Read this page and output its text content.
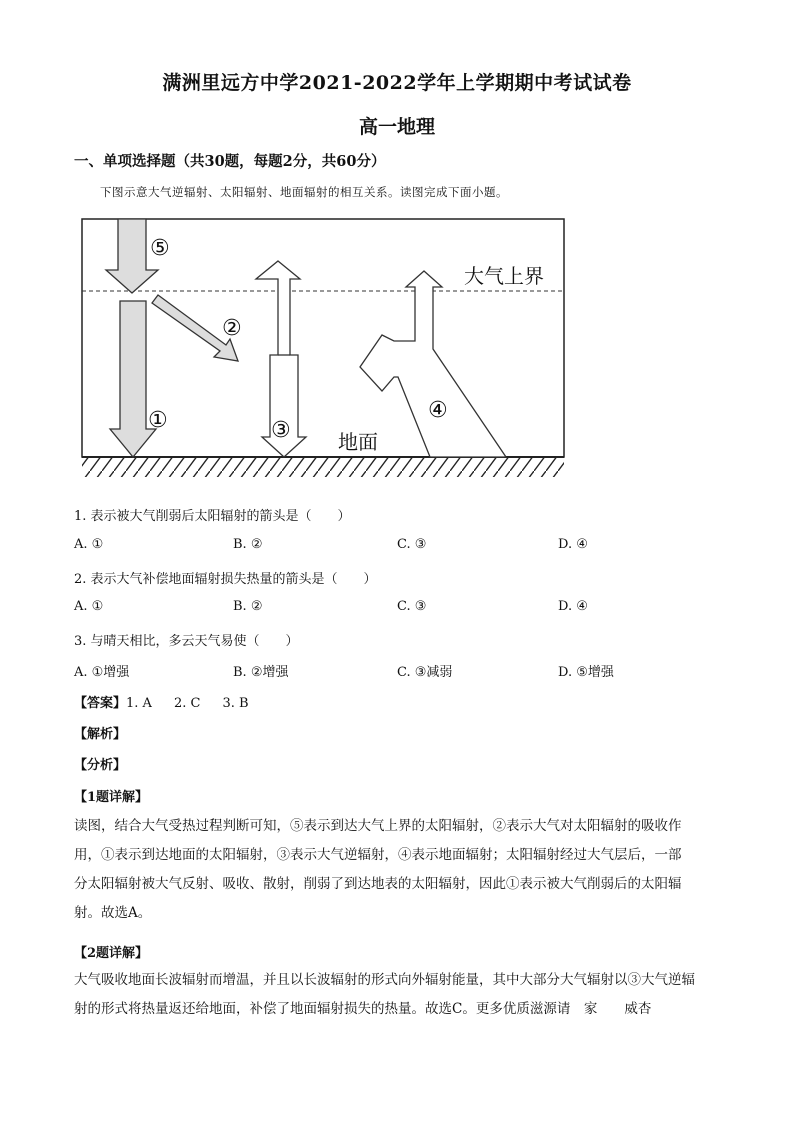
满洲里远方中学2021-2022学年上学期期中考试试卷
高一地理
一、单项选择题（共30题，每题2分，共60分）
下图示意大气逆辐射、太阳辐射、地面辐射的相互关系。读图完成下面小题。
大气上界
地面
⑤
①
②
③
④
1. 表示被大气削弱后太阳辐射的箭头是（　　）
A. ①	B. ②	C. ③	D. ④
2. 表示大气补偿地面辐射损失热量的箭头是（　　）
A. ①	B. ②	C. ③	D. ④
3. 与晴天相比，多云天气易使（　　）
A. ①增强	B. ②增强	C. ③减弱	D. ⑤增强
【答案】1. A 2. C 3. B
【解析】
【分析】
【1题详解】
读图，结合大气受热过程判断可知，⑤表示到达大气上界的太阳辐射，②表示大气对太阳辐射的吸收作
用，①表示到达地面的太阳辐射，③表示大气逆辐射，④表示地面辐射；太阳辐射经过大气层后，一部
分太阳辐射被大气反射、吸收、散射，削弱了到达地表的太阳辐射，因此①表示被大气削弱后的太阳辐
射。故选A。
【2题详解】
大气吸收地面长波辐射而增温，并且以长波辐射的形式向外辐射能量，其中大部分大气辐射以③大气逆辐
射的形式将热量返还给地面，补偿了地面辐射损失的热量。故选C。更多优质滋源请　家　　威杏
